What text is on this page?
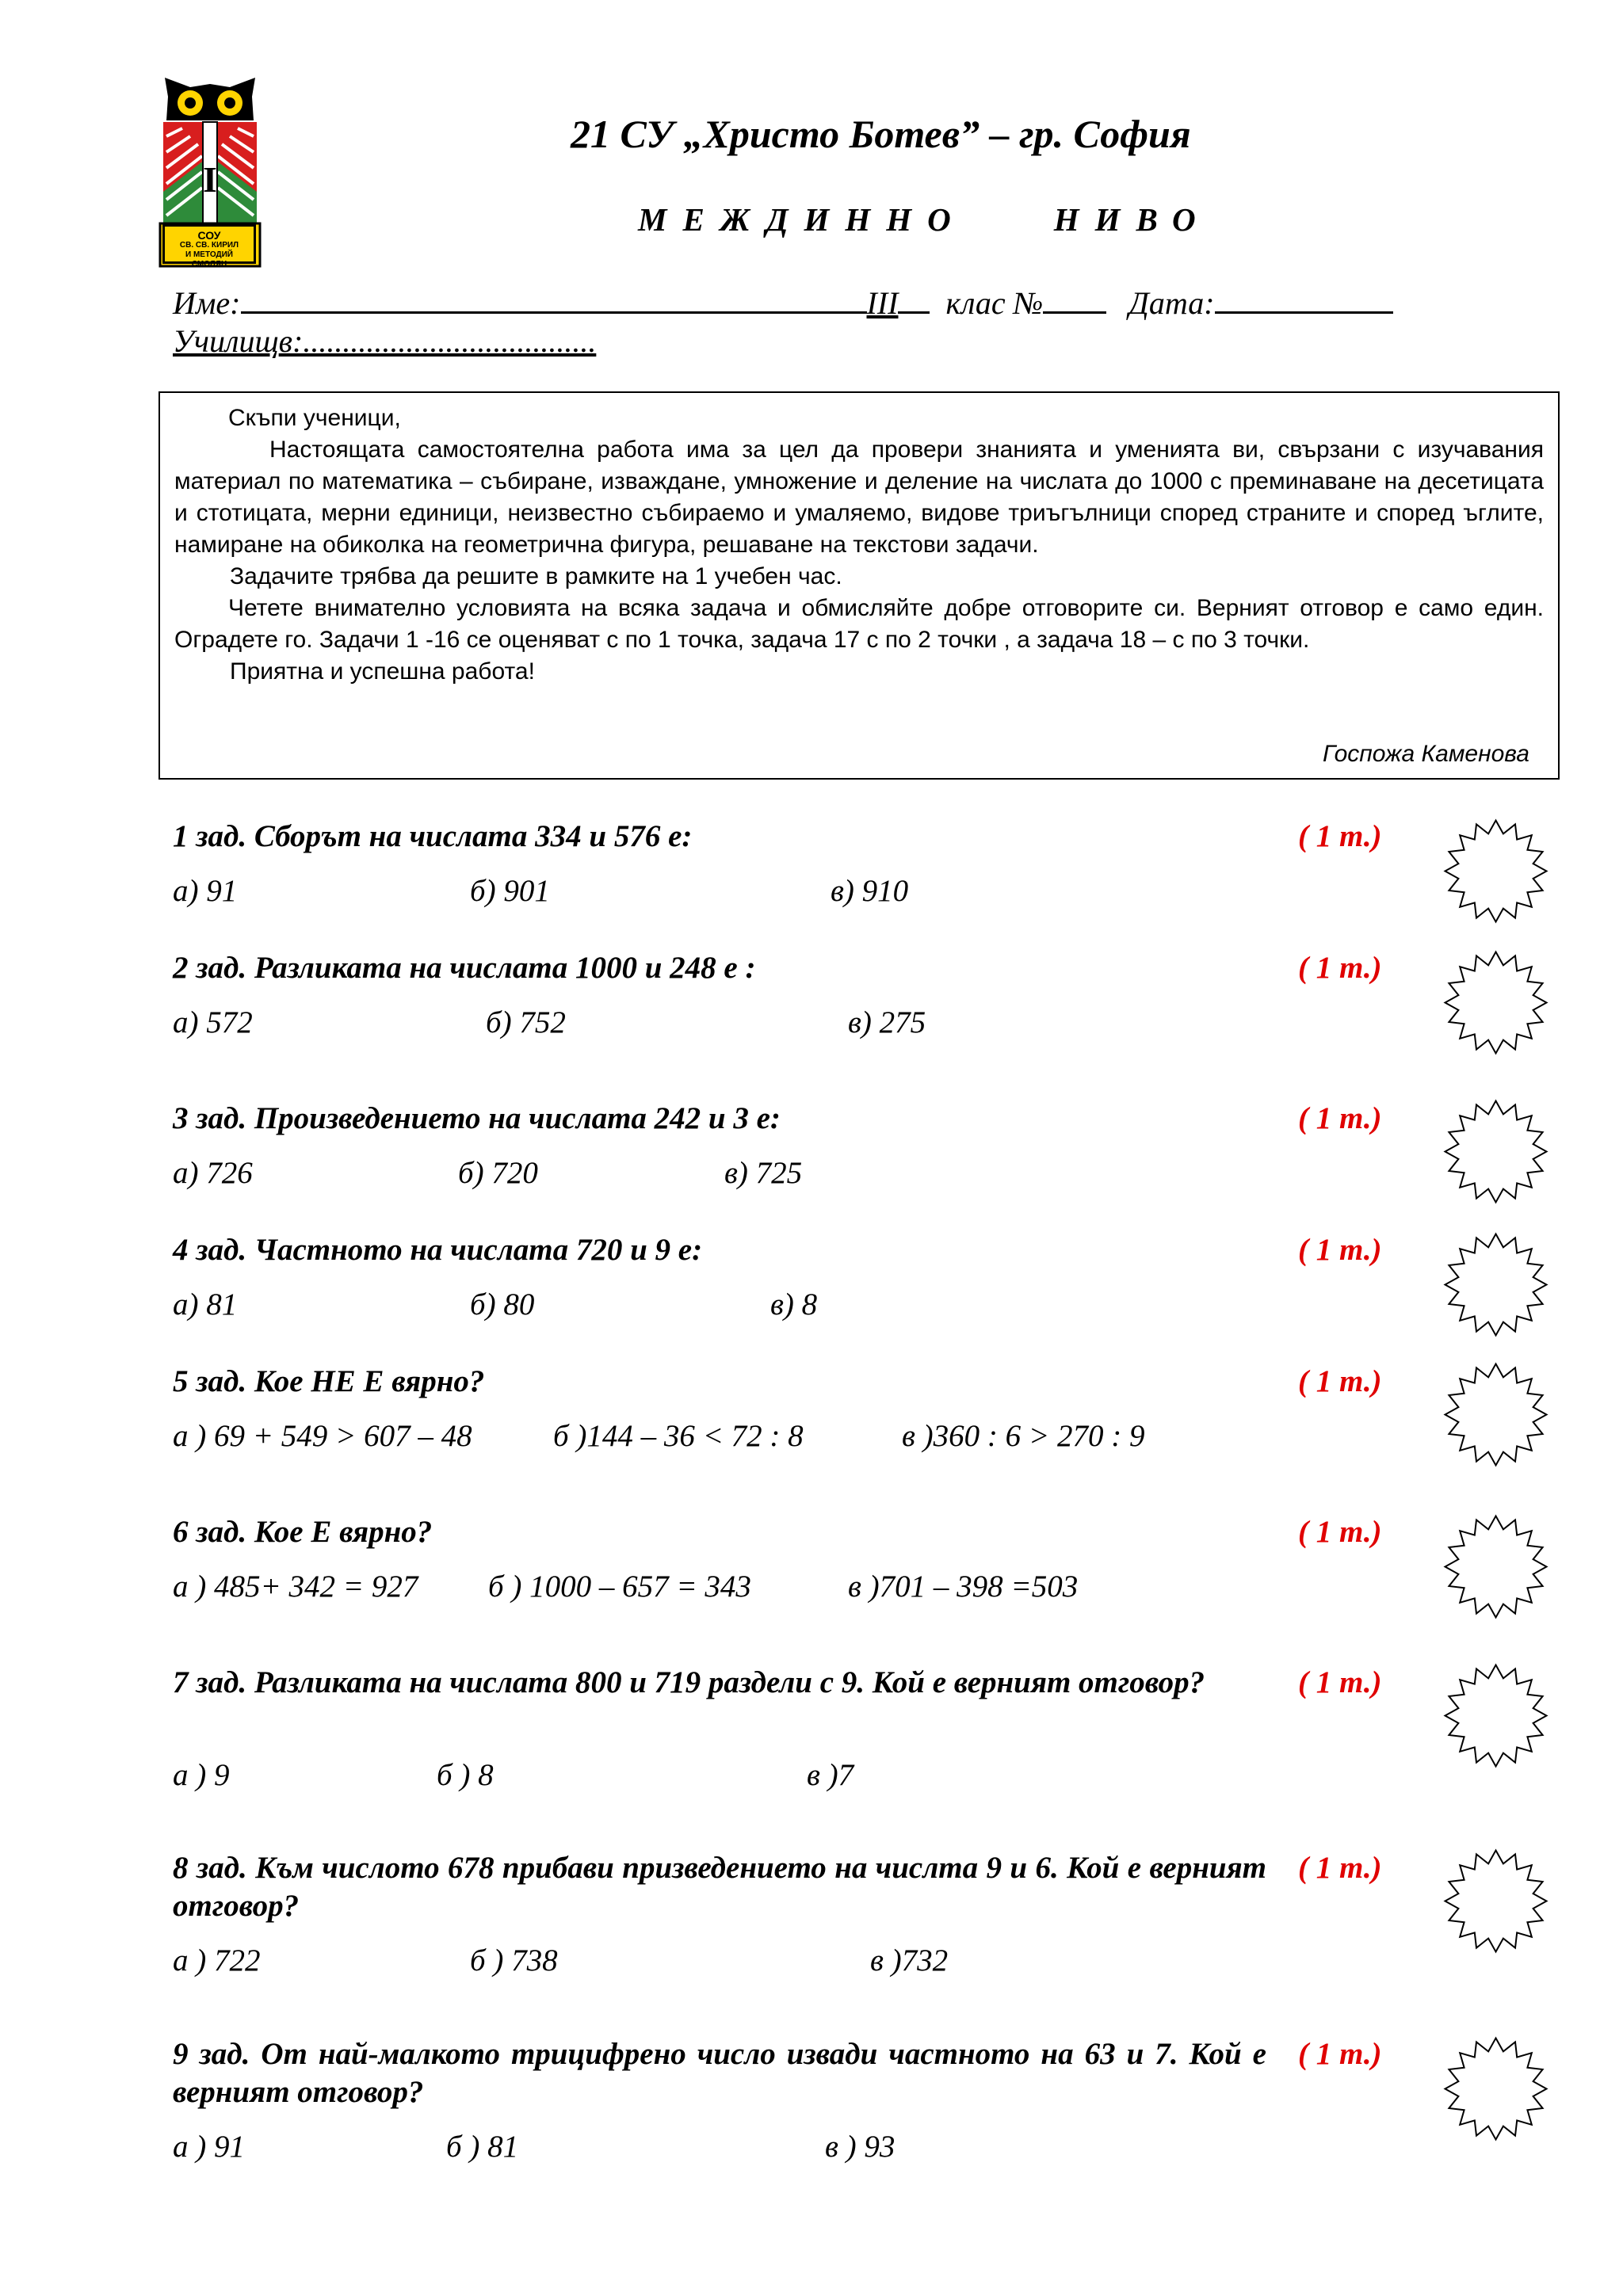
I
СОУ
СВ. СВ. КИРИЛ
И МЕТОДИЙ
СМОЛЯН
21 СУ „Христо Ботев” – гр. София
МЕЖДИННО	НИВО
Име:	III клас №	Дата:
Училищв:.....................................

Скъпи ученици,

Настоящата самостоятелна работа има за цел да провери знанията и уменията ви, свързани с изучавания материал по математика – събиране, изваждане, умножение и деление на числата до 1000 с преминаване на десетицата и стотицата, мерни единици, неизвестно събираемо и умаляемо, видове триъгълници според страните и според ъглите, намиране на обиколка на геометрична фигура, решаване на текстови задачи.

Задачите трябва да решите в рамките на 1 учебен час.

Четете внимателно условията на всяка задача и обмисляйте добре отговорите си. Верният отговор е само един. Оградете го. Задачи 1 -16 се оценяват с по 1 точка, задача 17 с по 2 точки , а задача 18 – с по 3 точки.

Приятна и успешна работа!

Госпожа Каменова
1 зад. Сборът на числата 334 и 576 е:	( 1 т.)
а) 91	б) 901	в) 910
2 зад. Разликата на числата 1000 и 248 е :	( 1 т.)
а) 572	б) 752	в) 275
3 зад. Произведението на числата 242 и 3 е:	( 1 т.)
а) 726	б) 720	в) 725
4 зад. Частното на числата 720 и 9 е:	( 1 т.)
а) 81	б) 80	в) 8
5 зад. Кое НЕ Е вярно?	( 1 т.)
а ) 69 + 549 > 607 – 48	б )144 – 36 < 72 : 8	в )360 : 6 > 270 : 9
6 зад. Кое Е вярно?	( 1 т.)
а ) 485+ 342 = 927 б ) 1000 – 657 = 343	в )701 – 398 =503
7 зад. Разликата на числата 800 и 719 раздели с 9. Кой е верният отговор?	( 1 т.)
а ) 9	б ) 8	в )7
8 зад. Към числото 678 прибави призведението на числта 9 и 6. Кой е верният отговор?
( 1 т.)
а ) 722	б ) 738	в )732
9 зад. От най-малкото трицифрено число извади частното на 63 и 7. Кой е верният отговор?
( 1 т.)
а ) 91	б ) 81	в ) 93
